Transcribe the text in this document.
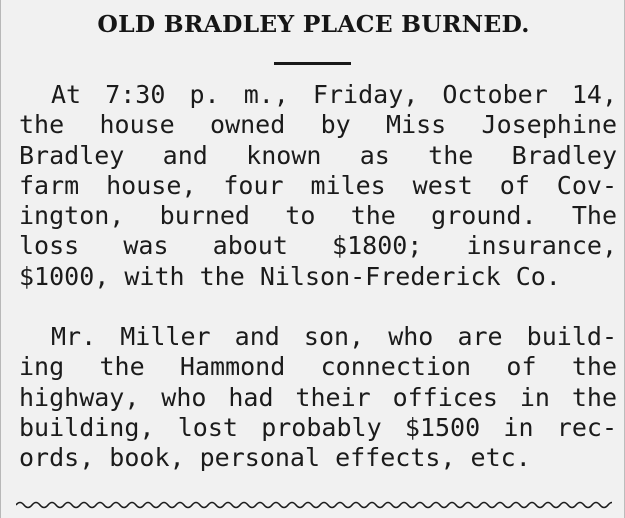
OLD BRADLEY PLACE BURNED.
At 7:30 p. m., Friday, October 14,
the house owned by Miss Josephine
Bradley and known as the Bradley
farm house, four miles west of Cov-
ington, burned to the ground. The
loss was about $1800; insurance,
$1000, with the Nilson-Frederick Co.
Mr. Miller and son, who are build-
ing the Hammond connection of the
highway, who had their offices in the
building, lost probably $1500 in rec-
ords, book, personal effects, etc.
